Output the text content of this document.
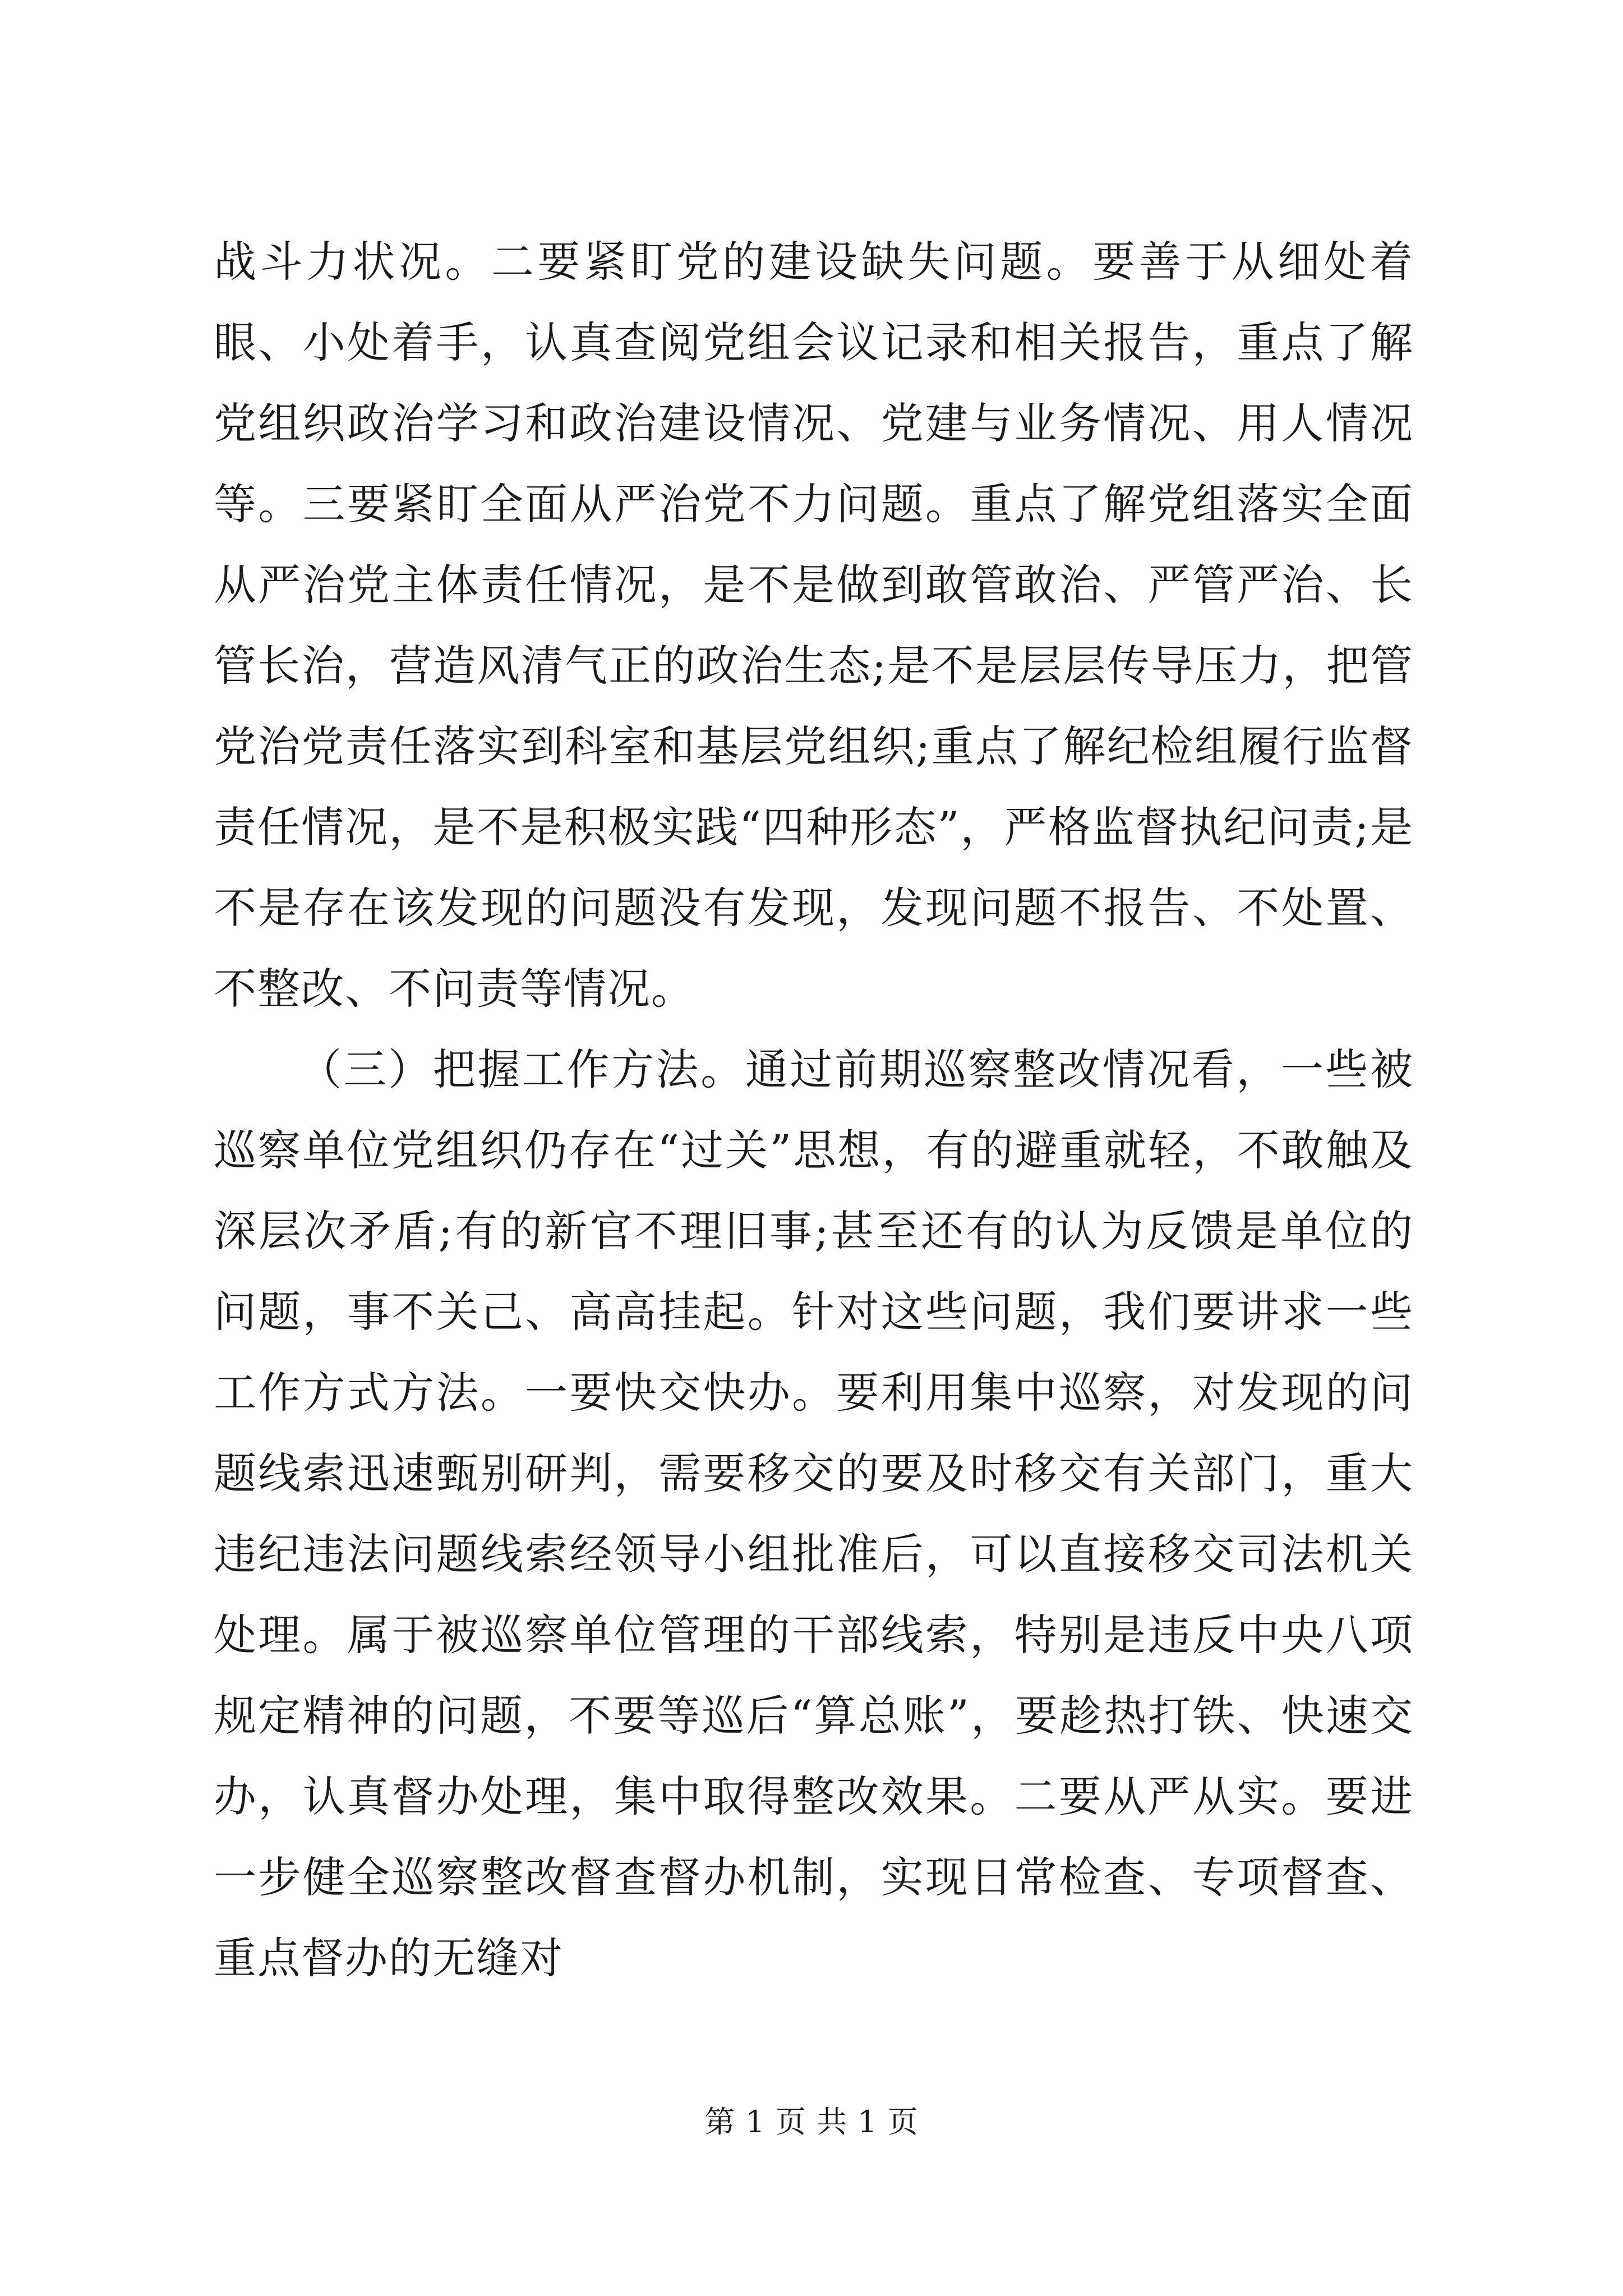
战斗力状况。二要紧盯党的建设缺失问题。要善于从细处着眼、小处着手，认真查阅党组会议记录和相关报告，重点了解党组织政治学习和政治建设情况、党建与业务情况、用人情况等。三要紧盯全面从严治党不力问题。重点了解党组落实全面从严治党主体责任情况，是不是做到敢管敢治、严管严治、长管长治，营造风清气正的政治生态;是不是层层传导压力，把管党治党责任落实到科室和基层党组织;重点了解纪检组履行监督责任情况，是不是积极实践“四种形态”，严格监督执纪问责;是不是存在该发现的问题没有发现，发现问题不报告、不处置、不整改、不问责等情况。

（三）把握工作方法。通过前期巡察整改情况看，一些被巡察单位党组织仍存在“过关”思想，有的避重就轻，不敢触及深层次矛盾;有的新官不理旧事;甚至还有的认为反馈是单位的问题，事不关己、高高挂起。针对这些问题，我们要讲求一些工作方式方法。一要快交快办。要利用集中巡察，对发现的问题线索迅速甄别研判，需要移交的要及时移交有关部门，重大违纪违法问题线索经领导小组批准后，可以直接移交司法机关处理。属于被巡察单位管理的干部线索，特别是违反中央八项规定精神的问题，不要等巡后“算总账”，要趁热打铁、快速交办，认真督办处理，集中取得整改效果。二要从严从实。要进一步健全巡察整改督查督办机制，实现日常检查、专项督查、重点督办的无缝对

第 1 页 共 1 页
